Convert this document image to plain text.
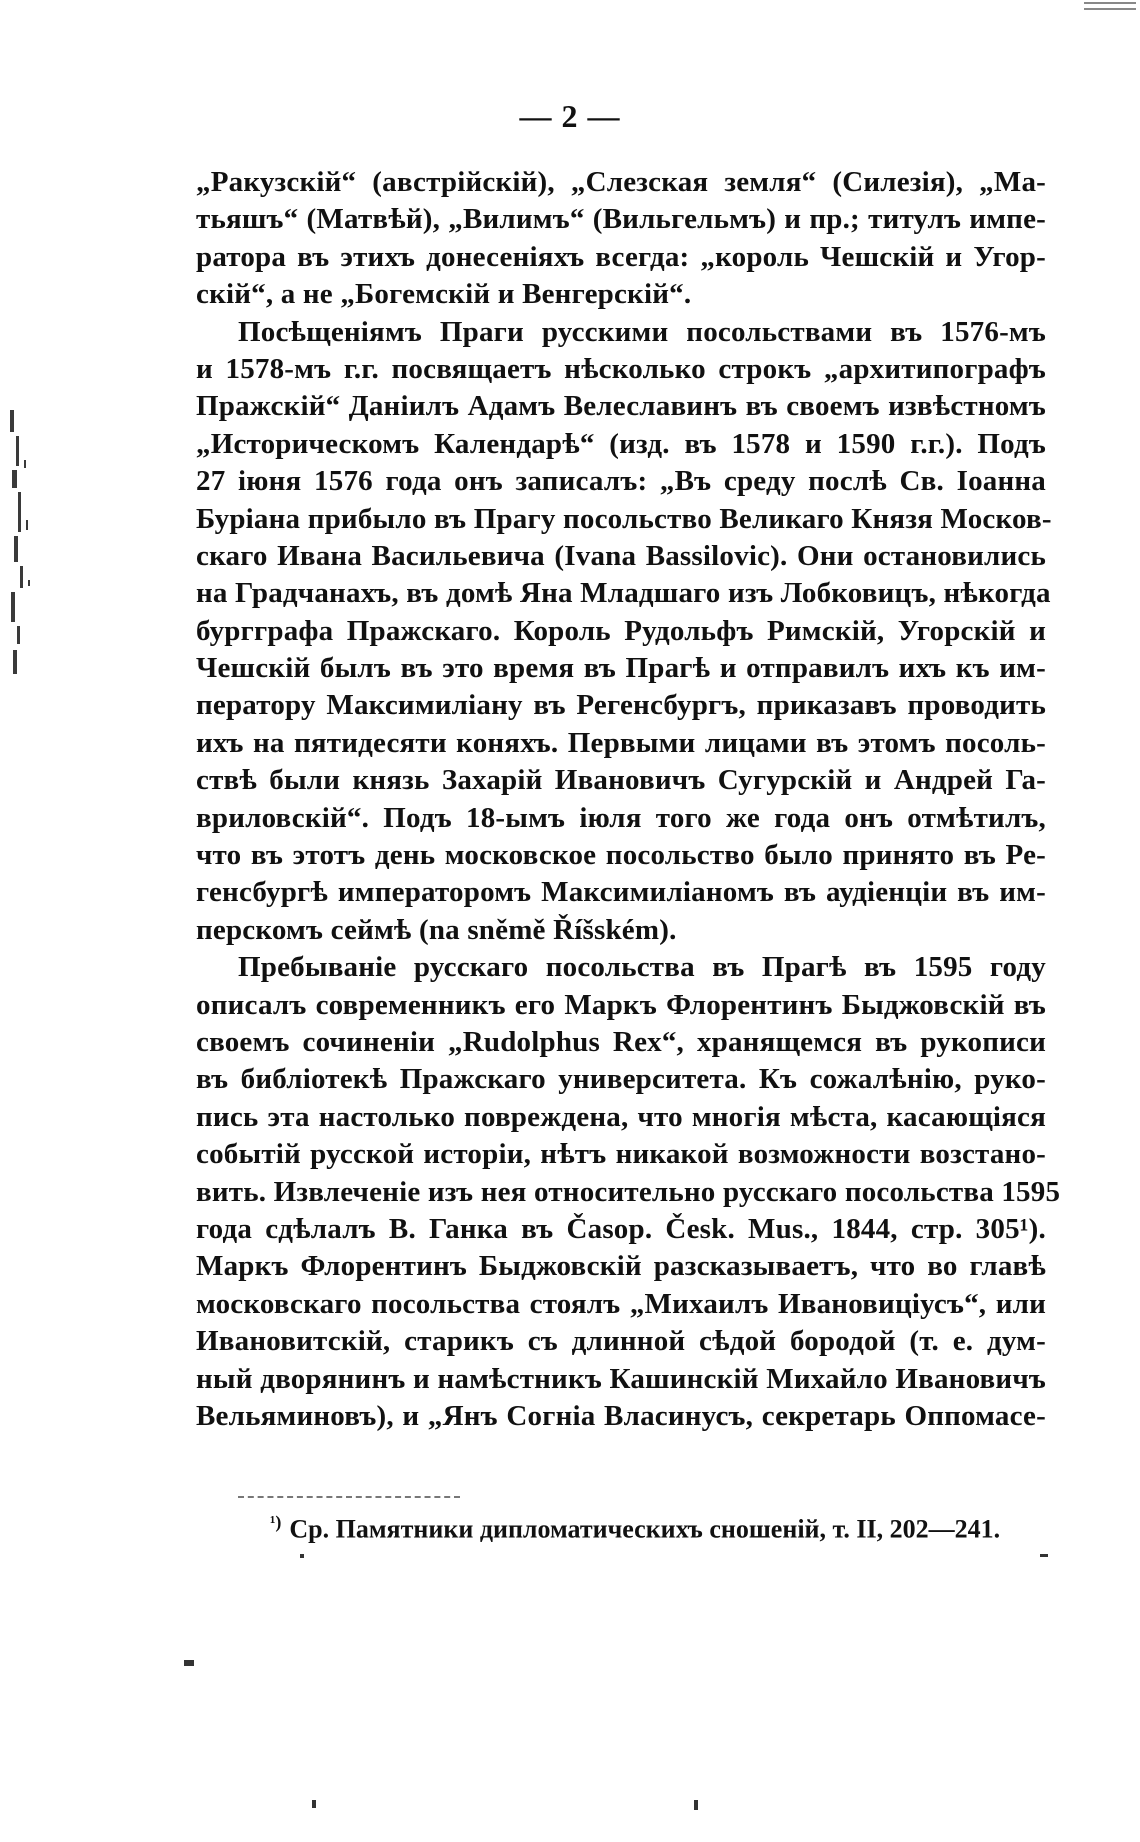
— 2 —
„Ракузскій“ (австрійскій), „Слезская земля“ (Силезія), „Ма-
тьяшъ“ (Матвѣй), „Вилимъ“ (Вильгельмъ) и пр.; титулъ импе-
ратора въ этихъ донесеніяхъ всегда: „король Чешскій и Угор-
скій“, а не „Богемскій и Венгерскій“.
Посѣщеніямъ Праги русскими посольствами въ 1576-мъ
и 1578-мъ г.г. посвящаетъ нѣсколько строкъ „архитипографъ
Пражскій“ Даніилъ Адамъ Велеславинъ въ своемъ извѣстномъ
„Историческомъ Календарѣ“ (изд. въ 1578 и 1590 г.г.). Подъ
27 іюня 1576 года онъ записалъ: „Въ среду послѣ Св. Іоанна
Буріана прибыло въ Прагу посольство Великаго Князя Москов-
скаго Ивана Васильевича (Ivana Bassilovic). Они остановились
на Градчанахъ, въ домѣ Яна Младшаго изъ Лобковицъ, нѣкогда
бургграфа Пражскаго. Король Рудольфъ Римскій, Угорскій и
Чешскій былъ въ это время въ Прагѣ и отправилъ ихъ къ им-
ператору Максимиліану въ Регенсбургъ, приказавъ проводить
ихъ на пятидесяти коняхъ. Первыми лицами въ этомъ посоль-
ствѣ были князь Захарій Ивановичъ Сугурскій и Андрей Га-
вриловскій“. Подъ 18-ымъ іюля того же года онъ отмѣтилъ,
что въ этотъ день московское посольство было принято въ Ре-
генсбургѣ императоромъ Максимиліаномъ въ аудіенціи въ им-
перскомъ сеймѣ (na sněmě Říšském).
Пребываніе русскаго посольства въ Прагѣ въ 1595 году
описалъ современникъ его Маркъ Флорентинъ Быджовскій въ
своемъ сочиненіи „Rudolphus Rex“, хранящемся въ рукописи
въ библіотекѣ Пражскаго университета. Къ сожалѣнію, руко-
пись эта настолько повреждена, что многія мѣста, касающіяся
событій русской исторіи, нѣтъ никакой возможности возстано-
вить. Извлеченіе изъ нея относительно русскаго посольства 1595
года сдѣлалъ В. Ганка въ Časop. Česk. Mus., 1844, стр. 305¹).
Маркъ Флорентинъ Быджовскій разсказываетъ, что во главѣ
московскаго посольства стоялъ „Михаилъ Ивановиціусъ“, или
Ивановитскій, старикъ съ длинной сѣдой бородой (т. е. дум-
ный дворянинъ и намѣстникъ Кашинскій Михайло Ивановичъ
Вельяминовъ), и „Янъ Согніа Власинусъ, секретарь Оппомасе-
$^{^1)}$ Ср. Памятники дипломатическихъ сношеній, т. II, 202—241.
